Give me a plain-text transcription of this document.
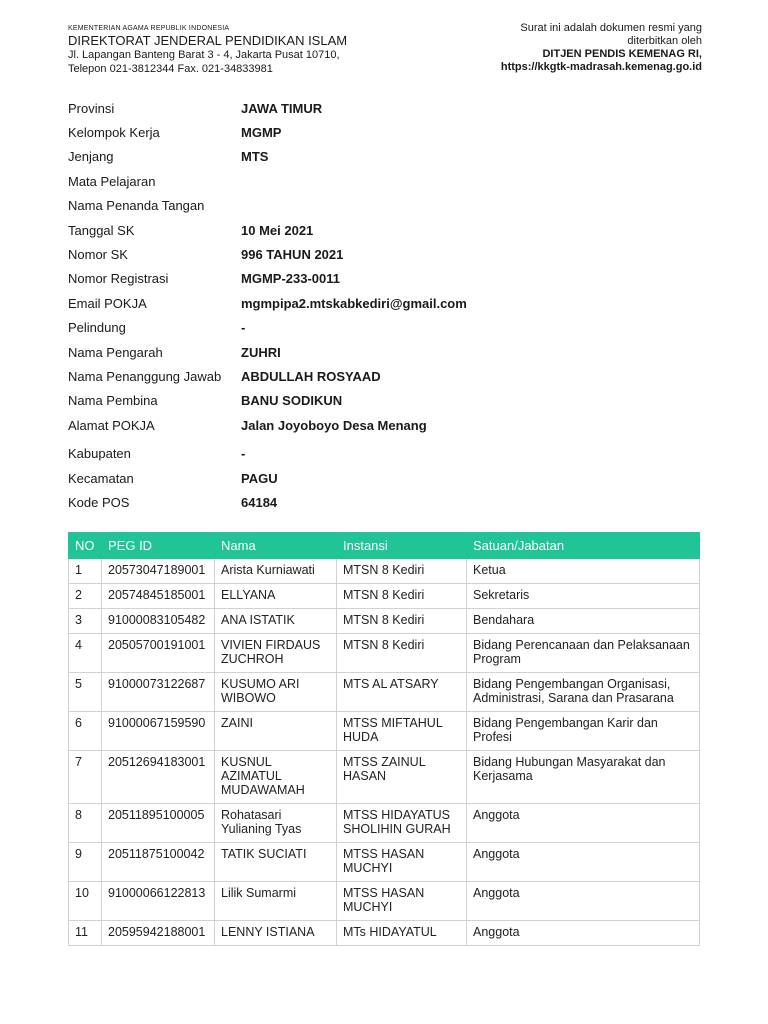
KEMENTERIAN AGAMA REPUBLIK INDONESIA
DIREKTORAT JENDERAL PENDIDIKAN ISLAM
Jl. Lapangan Banteng Barat 3 - 4, Jakarta Pusat 10710,
Telepon 021-3812344 Fax. 021-34833981
Surat ini adalah dokumen resmi yang
diterbitkan oleh
DITJEN PENDIS KEMENAG RI,
https://kkgtk-madrasah.kemenag.go.id
Provinsi	JAWA TIMUR
Kelompok Kerja	MGMP
Jenjang	MTS
Mata Pelajaran
Nama Penanda Tangan
Tanggal SK	10 Mei 2021
Nomor SK	996 TAHUN 2021
Nomor Registrasi	MGMP-233-0011
Email POKJA	mgmpipa2.mtskabkediri@gmail.com
Pelindung	-
Nama Pengarah	ZUHRI
Nama Penanggung Jawab	ABDULLAH ROSYAAD
Nama Pembina	BANU SODIKUN
Alamat POKJA	Jalan Joyoboyo Desa Menang
Kabupaten	-
Kecamatan	PAGU
Kode POS	64184
NO	PEG ID	Nama	Instansi	Satuan/Jabatan
1	20573047189001	Arista Kurniawati	MTSN 8 Kediri	Ketua
2	20574845185001	ELLYANA	MTSN 8 Kediri	Sekretaris
3	91000083105482	ANA ISTATIK	MTSN 8 Kediri	Bendahara
4	20505700191001	VIVIEN FIRDAUS ZUCHROH	MTSN 8 Kediri	Bidang Perencanaan dan Pelaksanaan Program
5	91000073122687	KUSUMO ARI WIBOWO	MTS AL ATSARY	Bidang Pengembangan Organisasi, Administrasi, Sarana dan Prasarana
6	91000067159590	ZAINI	MTSS MIFTAHUL HUDA	Bidang Pengembangan Karir dan Profesi
7	20512694183001	KUSNUL AZIMATUL MUDAWAMAH	MTSS ZAINUL HASAN	Bidang Hubungan Masyarakat dan Kerjasama
8	20511895100005	Rohatasari Yulianing Tyas	MTSS HIDAYATUS SHOLIHIN GURAH	Anggota
9	20511875100042	TATIK SUCIATI	MTSS HASAN MUCHYI	Anggota
10	91000066122813	Lilik Sumarmi	MTSS HASAN MUCHYI	Anggota
11	20595942188001	LENNY ISTIANA	MTs HIDAYATUL	Anggota
